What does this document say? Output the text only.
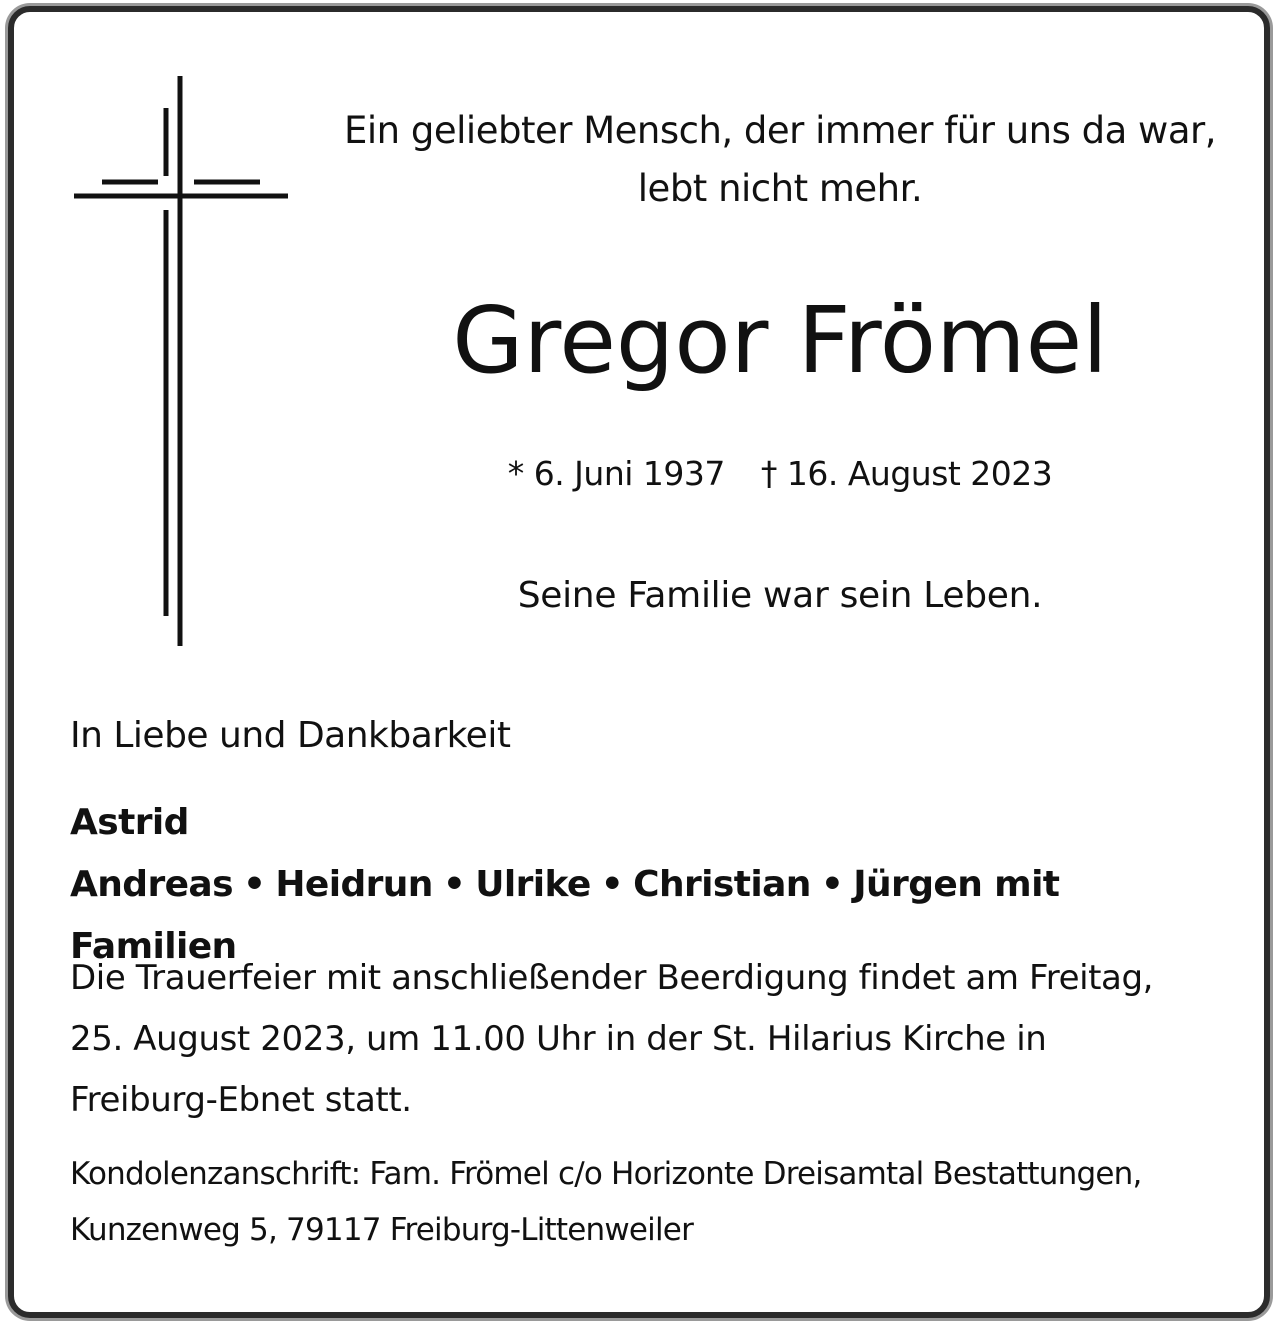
Ein geliebter Mensch, der immer für uns da war,
lebt nicht mehr.
Gregor Frömel
* 6. Juni 1937 † 16. August 2023
Seine Familie war sein Leben.
In Liebe und Dankbarkeit
Astrid
Andreas • Heidrun • Ulrike • Christian • Jürgen mit Familien
Die Trauerfeier mit anschließender Beerdigung findet am Freitag,
25. August 2023, um 11.00 Uhr in der St. Hilarius Kirche in
Freiburg-Ebnet statt.
Kondolenzanschrift: Fam. Frömel c/o Horizonte Dreisamtal Bestattungen,
Kunzenweg 5, 79117 Freiburg-Littenweiler
